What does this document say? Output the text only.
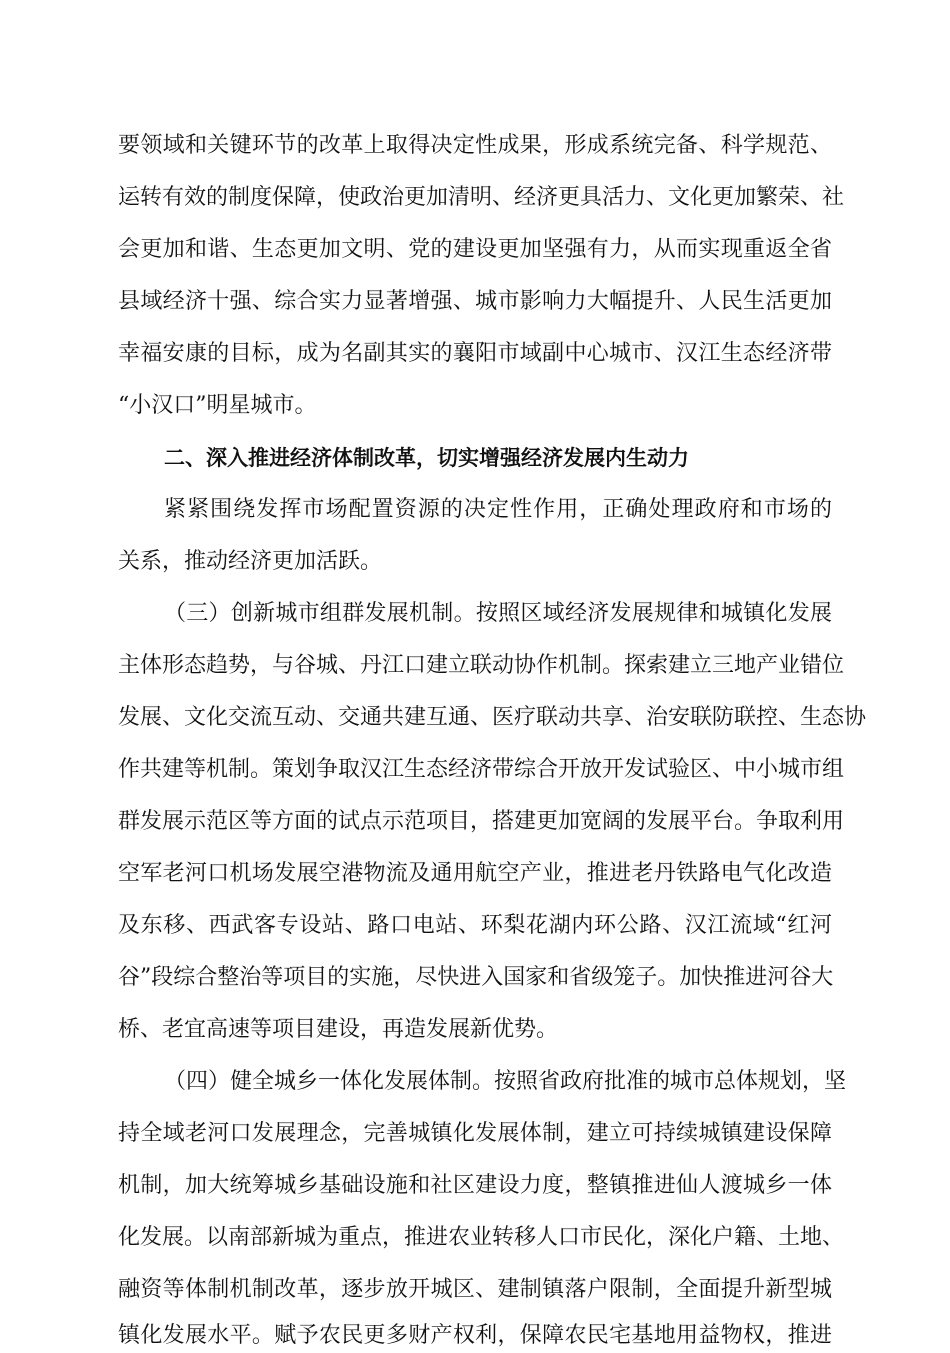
要领域和关键环节的改革上取得决定性成果，形成系统完备、科学规范、
运转有效的制度保障，使政治更加清明、经济更具活力、文化更加繁荣、社
会更加和谐、生态更加文明、党的建设更加坚强有力，从而实现重返全省
县域经济十强、综合实力显著增强、城市影响力大幅提升、人民生活更加
幸福安康的目标，成为名副其实的襄阳市域副中心城市、汉江生态经济带
“小汉口”明星城市。
二、深入推进经济体制改革，切实增强经济发展内生动力
紧紧围绕发挥市场配置资源的决定性作用，正确处理政府和市场的
关系，推动经济更加活跃。
（三）创新城市组群发展机制。按照区域经济发展规律和城镇化发展
主体形态趋势，与谷城、丹江口建立联动协作机制。探索建立三地产业错位
发展、文化交流互动、交通共建互通、医疗联动共享、治安联防联控、生态协
作共建等机制。策划争取汉江生态经济带综合开放开发试验区、中小城市组
群发展示范区等方面的试点示范项目，搭建更加宽阔的发展平台。争取利用
空军老河口机场发展空港物流及通用航空产业，推进老丹铁路电气化改造
及东移、西武客专设站、路口电站、环梨花湖内环公路、汉江流域“红河
谷”段综合整治等项目的实施，尽快进入国家和省级笼子。加快推进河谷大
桥、老宜高速等项目建设，再造发展新优势。
（四）健全城乡一体化发展体制。按照省政府批准的城市总体规划，坚
持全域老河口发展理念，完善城镇化发展体制，建立可持续城镇建设保障
机制，加大统筹城乡基础设施和社区建设力度，整镇推进仙人渡城乡一体
化发展。以南部新城为重点，推进农业转移人口市民化，深化户籍、土地、
融资等体制机制改革，逐步放开城区、建制镇落户限制，全面提升新型城
镇化发展水平。赋予农民更多财产权利，保障农民宅基地用益物权，推进
